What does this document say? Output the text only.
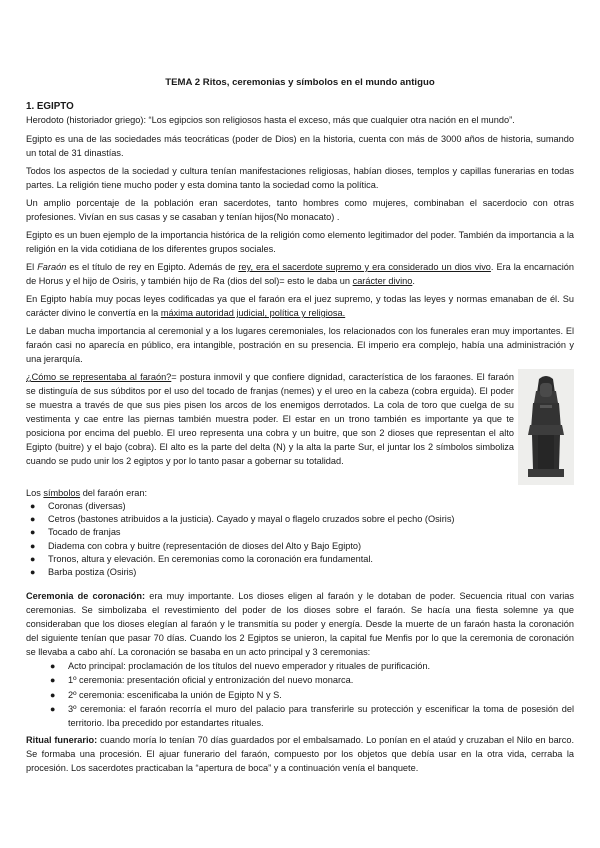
TEMA 2 Ritos, ceremonias y símbolos en el mundo antiguo
1. EGIPTO
Herodoto (historiador griego): “Los egipcios son religiosos hasta el exceso, más que cualquier otra nación en el mundo”.
Egipto es una de las sociedades más teocráticas (poder de Dios) en la historia, cuenta con más de 3000 años de historia, sumando un total de 31 dinastías.
Todos los aspectos de la sociedad y cultura tenían manifestaciones religiosas, habían dioses, templos y capillas funerarias en todas partes. La religión tiene mucho poder y esta domina tanto la sociedad como la política.
Un amplio porcentaje de la población eran sacerdotes, tanto hombres como mujeres, combinaban el sacerdocio con otras profesiones. Vivían en sus casas y se casaban y tenían hijos(No monacato) .
Egipto es un buen ejemplo de la importancia histórica de la religión como elemento legitimador del poder. También da importancia a la religión en la vida cotidiana de los diferentes grupos sociales.
El Faraón es el título de rey en Egipto. Además de rey, era el sacerdote supremo y era considerado un dios vivo. Era la encarnación de Horus y el hijo de Osiris, y también hijo de Ra (dios del sol)= esto le daba un carácter divino.
En Egipto había muy pocas leyes codificadas ya que el faraón era el juez supremo, y todas las leyes y normas emanaban de él. Su carácter divino le convertía en la máxima autoridad judicial, política y religiosa.
Le daban mucha importancia al ceremonial y a los lugares ceremoniales, los relacionados con los funerales eran muy importantes. El faraón casi no aparecía en público, era intangible, postración en su presencia. El imperio era complejo, había una administración y una jerarquía.
¿Cómo se representaba al faraón?= postura inmovil y que confiere dignidad, característica de los faraones. El faraón se distinguía de sus súbditos por el uso del tocado de franjas (nemes) y el ureo en la cabeza (cobra erguida). El poder se muestra a través de que sus pies pisen los arcos de los enemigos derrotados. La cola de toro que cuelga de su vestimenta y cae entre las piernas también muestra poder. El estar en un trono también es importante ya que te posiciona por encima del pueblo. El ureo representa una cobra y un buitre, que son 2 dioses que representan el alto Egipto (buitre) y el bajo (cobra). El alto es la parte del delta (N) y la alta la parte Sur, el juntar los 2 símbolos simboliza cuando se pudo unir los 2 egiptos y por lo tanto pasar a gobernar su totalidad.
Los símbolos del faraón eran:
● Coronas (diversas)
● Cetros (bastones atribuidos a la justicia). Cayado y mayal o flagelo cruzados sobre el pecho (Osiris)
● Tocado de franjas
● Diadema con cobra y buitre (representación de dioses del Alto y Bajo Egipto)
● Tronos, altura y elevación. En ceremonias como la coronación era fundamental.
● Barba postiza (Osiris)
Ceremonia de coronación: era muy importante. Los dioses eligen al faraón y le dotaban de poder. Secuencia ritual con varias ceremonias. Se simbolizaba el revestimiento del poder de los dioses sobre el faraón. Se hacía una fiesta solemne ya que consideraban que los dioses elegían al faraón y le transmitía su poder y energía. Desde la muerte de un faraón hasta la coronación del siguiente tenían que pasar 70 días. Cuando los 2 Egiptos se unieron, la capital fue Menfis por lo que la ceremonia de coronación se llevaba a cabo ahí. La coronación se basaba en un acto principal y 3 ceremonias:
● Acto principal: proclamación de los títulos del nuevo emperador y rituales de purificación.
● 1º ceremonia: presentación oficial y entronización del nuevo monarca.
● 2º ceremonia: escenificaba la unión de Egipto N y S.
● 3º ceremonia: el faraón recorría el muro del palacio para transferirle su protección y escenificar la toma de posesión del territorio. Iba precedido por estandartes rituales.
Ritual funerario: cuando moría lo tenían 70 días guardados por el embalsamado. Lo ponían en el ataúd y cruzaban el Nilo en barco. Se formaba una procesión. El ajuar funerario del faraón, compuesto por los objetos que debía usar en la otra vida, cerraba la procesión. Los sacerdotes practicaban la “apertura de boca” y a continuación venía el banquete.
